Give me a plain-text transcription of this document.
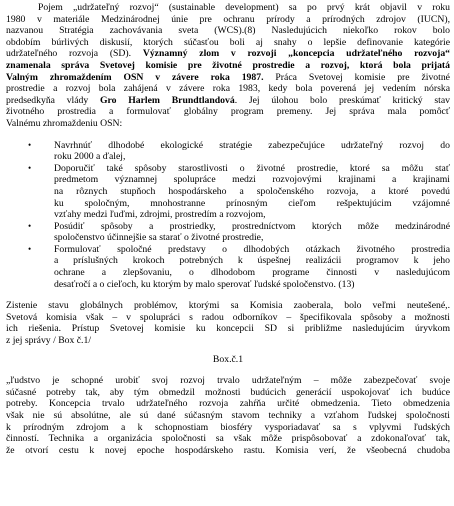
Pojem „udržateľný rozvoj“ (sustainable development) sa po prvý krát objavil v roku
1980 v materiále Medzinárodnej únie pre ochranu prírody a prírodných zdrojov (IUCN),
nazvanou Stratégia zachovávania sveta (WCS).(8) Nasledujúcich niekoľko rokov bolo
obdobím búrlivých diskusií, ktorých súčasťou boli aj snahy o lepšie definovanie kategórie
udržateľného rozvoja (SD). Významný zlom v rozvoji „koncepcia udržateľného rozvoja“
znamenala správa Svetovej komisie pre životné prostredie a rozvoj, ktorá bola prijatá
Valným zhromaždením OSN v závere roka 1987. Práca Svetovej komisie pre životné
prostredie a rozvoj bola zahájená v závere roka 1983, kedy bola poverená jej vedením nórska
predsedkyňa vlády Gro Harlem Brundtlandová. Jej úlohou bolo preskúmať kritický stav
životného prostredia a formulovať globálny program premeny. Jej správa mala pomôcť
Valnému zhromaždeniu OSN:
•	Navrhnúť dlhodobé ekologické stratégie zabezpečujúce udržateľný rozvoj do
roku 2000 a ďalej,
•	Doporučiť také spôsoby starostlivosti o životné prostredie, ktoré sa môžu stať
predmetom významnej spolupráce medzi rozvojovými krajinami a krajinami
na rôznych stupňoch hospodárskeho a spoločenského rozvoja, a ktoré povedú
ku spoločným, mnohostranne prínosným cieľom rešpektujúcim vzájomné
vzťahy medzi ľuďmi, zdrojmi, prostredím a rozvojom,
•	Posúdiť spôsoby a prostriedky, prostredníctvom ktorých môže medzinárodné
spoločenstvo účinnejšie sa starať o životné prostredie,
•	Formulovať spoločné predstavy o dlhodobých otázkach životného prostredia
a príslušných krokoch potrebných k úspešnej realizácii programov k jeho
ochrane a zlepšovaniu, o dlhodobom programe činnosti v nasledujúcom
desaťročí a o cieľoch, ku ktorým by malo sperovať ľudské spoločenstvo. (13)
Zistenie stavu globálnych problémov, ktorými sa Komisia zaoberala, bolo veľmi neutešené,.
Svetová komisia však – v spolupráci s radou odborníkov – špecifikovala spôsoby a možnosti
ich riešenia. Prístup Svetovej komisie ku koncepcii SD si približme nasledujúcim úryvkom
z jej správy / Box č.1/
Box.č.1
„ľudstvo je schopné urobiť svoj rozvoj trvalo udržateľným – môže zabezpečovať svoje
súčasné potreby tak, aby tým obmedzil možnosti budúcich generácií uspokojovať ich budúce
potreby. Koncepcia trvalo udržateľného rozvoja zahŕňa určité obmedzenia. Tieto obmedzenia
však nie sú absolútne, ale sú dané súčasným stavom techniky a vzťahom ľudskej spoločnosti
k prírodným zdrojom a k schopnostiam biosféry vysporiadavať sa s vplyvmi ľudských
činností. Technika a organizácia spoločnosti sa však môže prispôsobovať a zdokonaľovať tak,
že otvorí cestu k novej epoche hospodárskeho rastu. Komisia verí, že všeobecná chudoba
